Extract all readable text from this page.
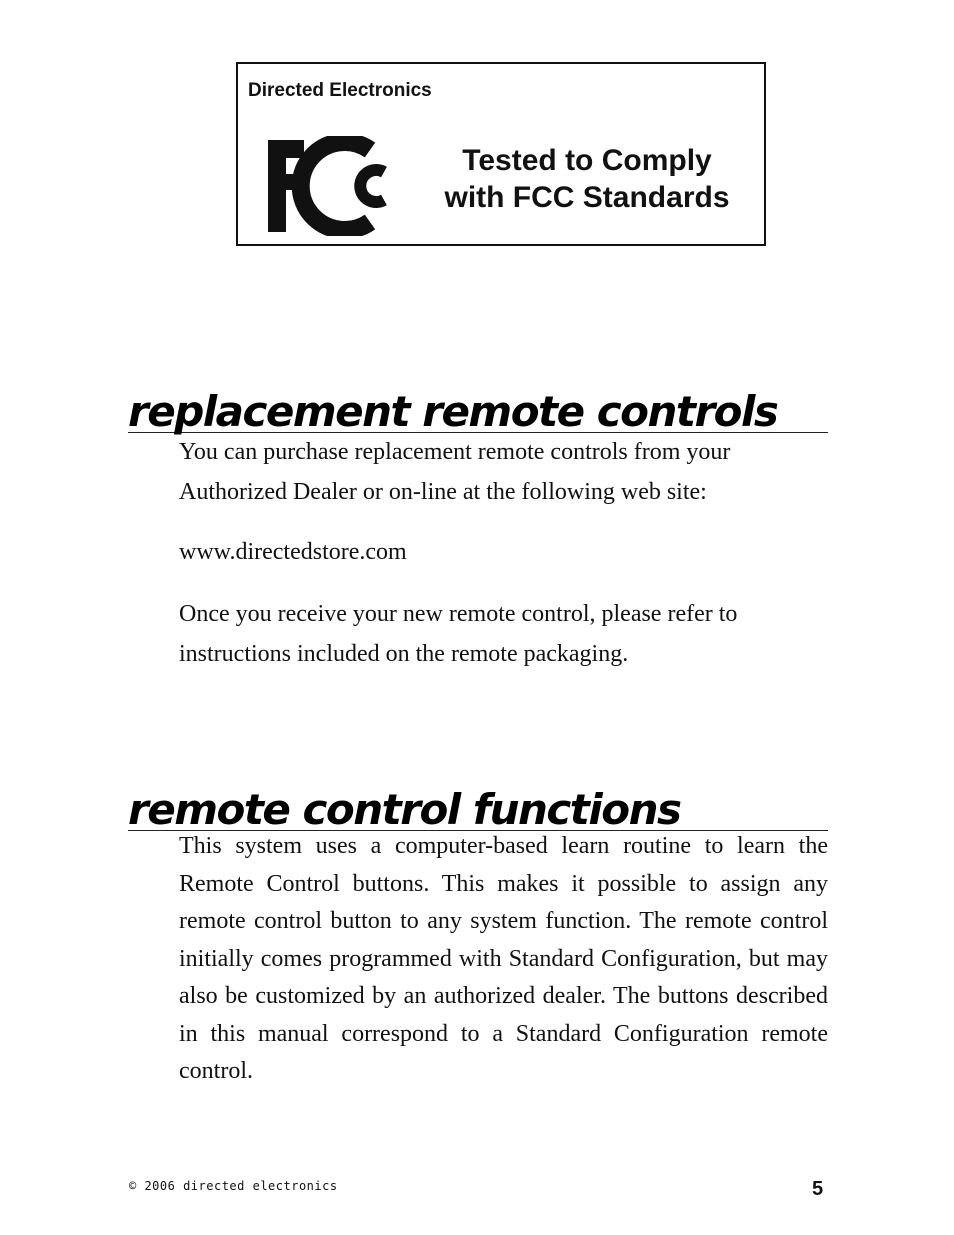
Directed Electronics
Tested to Comply
with FCC Standards
replacement remote controls

You can purchase replacement remote controls from your Authorized Dealer or on-line at the following web site:

www.directedstore.com

Once you receive your new remote control, please refer to instructions included on the remote packaging.

remote control functions

This system uses a computer-based learn routine to learn the Remote Control buttons. This makes it possible to assign any remote control button to any system function. The remote control initially comes programmed with Standard Configuration, but may also be customized by an authorized dealer. The buttons described in this manual correspond to a Standard Configuration remote control.

© 2006 directed electronics	5
